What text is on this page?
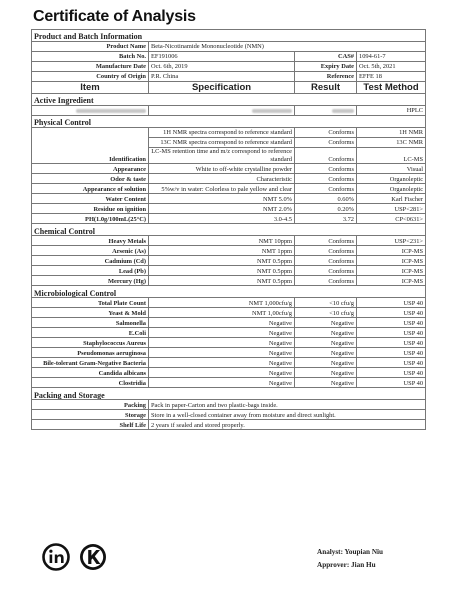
Certificate of Analysis
Product and Batch Information			
Product Name	Beta-Nicotinamide Mononucleotide (NMN)		
Batch No.	EF191006	CAS#	1094-61-7
Manufacture Date	Oct. 6th, 2019	Expiry Date	Oct. 5th, 2021
Country of Origin	P.R. China	Reference	EFFE 18
Item	Specification	Result	Test Method
Active Ingredient			
			HPLC
Physical Control			
Identification	1H NMR spectra correspond to reference standard	Conforms	1H NMR
	13C NMR spectra correspond to reference standard	Conforms	13C NMR
	LC-MS retention time and m/z correspond to reference standard	Conforms	LC-MS
Appearance	White to off-white crystalline powder	Conforms	Visual
Odor & taste	Characteristic	Conforms	Organoleptic
Appearance of solution	5%w/v in water: Colorless to pale yellow and clear	Conforms	Organoleptic
Water Content	NMT 5.0%	0.60%	Karl Fischer
Residue on ignition	NMT 2.0%	0.20%	USP<281>
PH(1.0g/100mL(25°C)	3.0-4.5	3.72	CP<0631>
Chemical Control			
Heavy Metals	NMT 10ppm	Conforms	USP<231>
Arsenic (As)	NMT 1ppm	Conforms	ICP-MS
Cadmium (Cd)	NMT 0.5ppm	Conforms	ICP-MS
Lead (Pb)	NMT 0.5ppm	Conforms	ICP-MS
Mercury (Hg)	NMT 0.5ppm	Conforms	ICP-MS
Microbiological Control			
Total Plate Count	NMT 1,000cfu/g	<10 cfu/g	USP 40
Yeast & Mold	NMT 1,00cfu/g	<10 cfu/g	USP 40
Salmonella	Negative	Negative	USP 40
E.Coli	Negative	Negative	USP 40
Staphylococcus Aureus	Negative	Negative	USP 40
Pseudomonas aeruginosa	Negative	Negative	USP 40
Bile-tolerant Gram-Negative Bacteria	Negative	Negative	USP 40
Candida albicans	Negative	Negative	USP 40
Clostridia	Negative	Negative	USP 40
Packing and Storage			
Packing	Pack in paper-Carton and two plastic-bags inside.		
Storage	Store in a well-closed container away from moisture and direct sunlight.		
Shelf Life	2 years if sealed and stored properly.		
Analyst: Youpian Niu
Approver: Jian Hu
